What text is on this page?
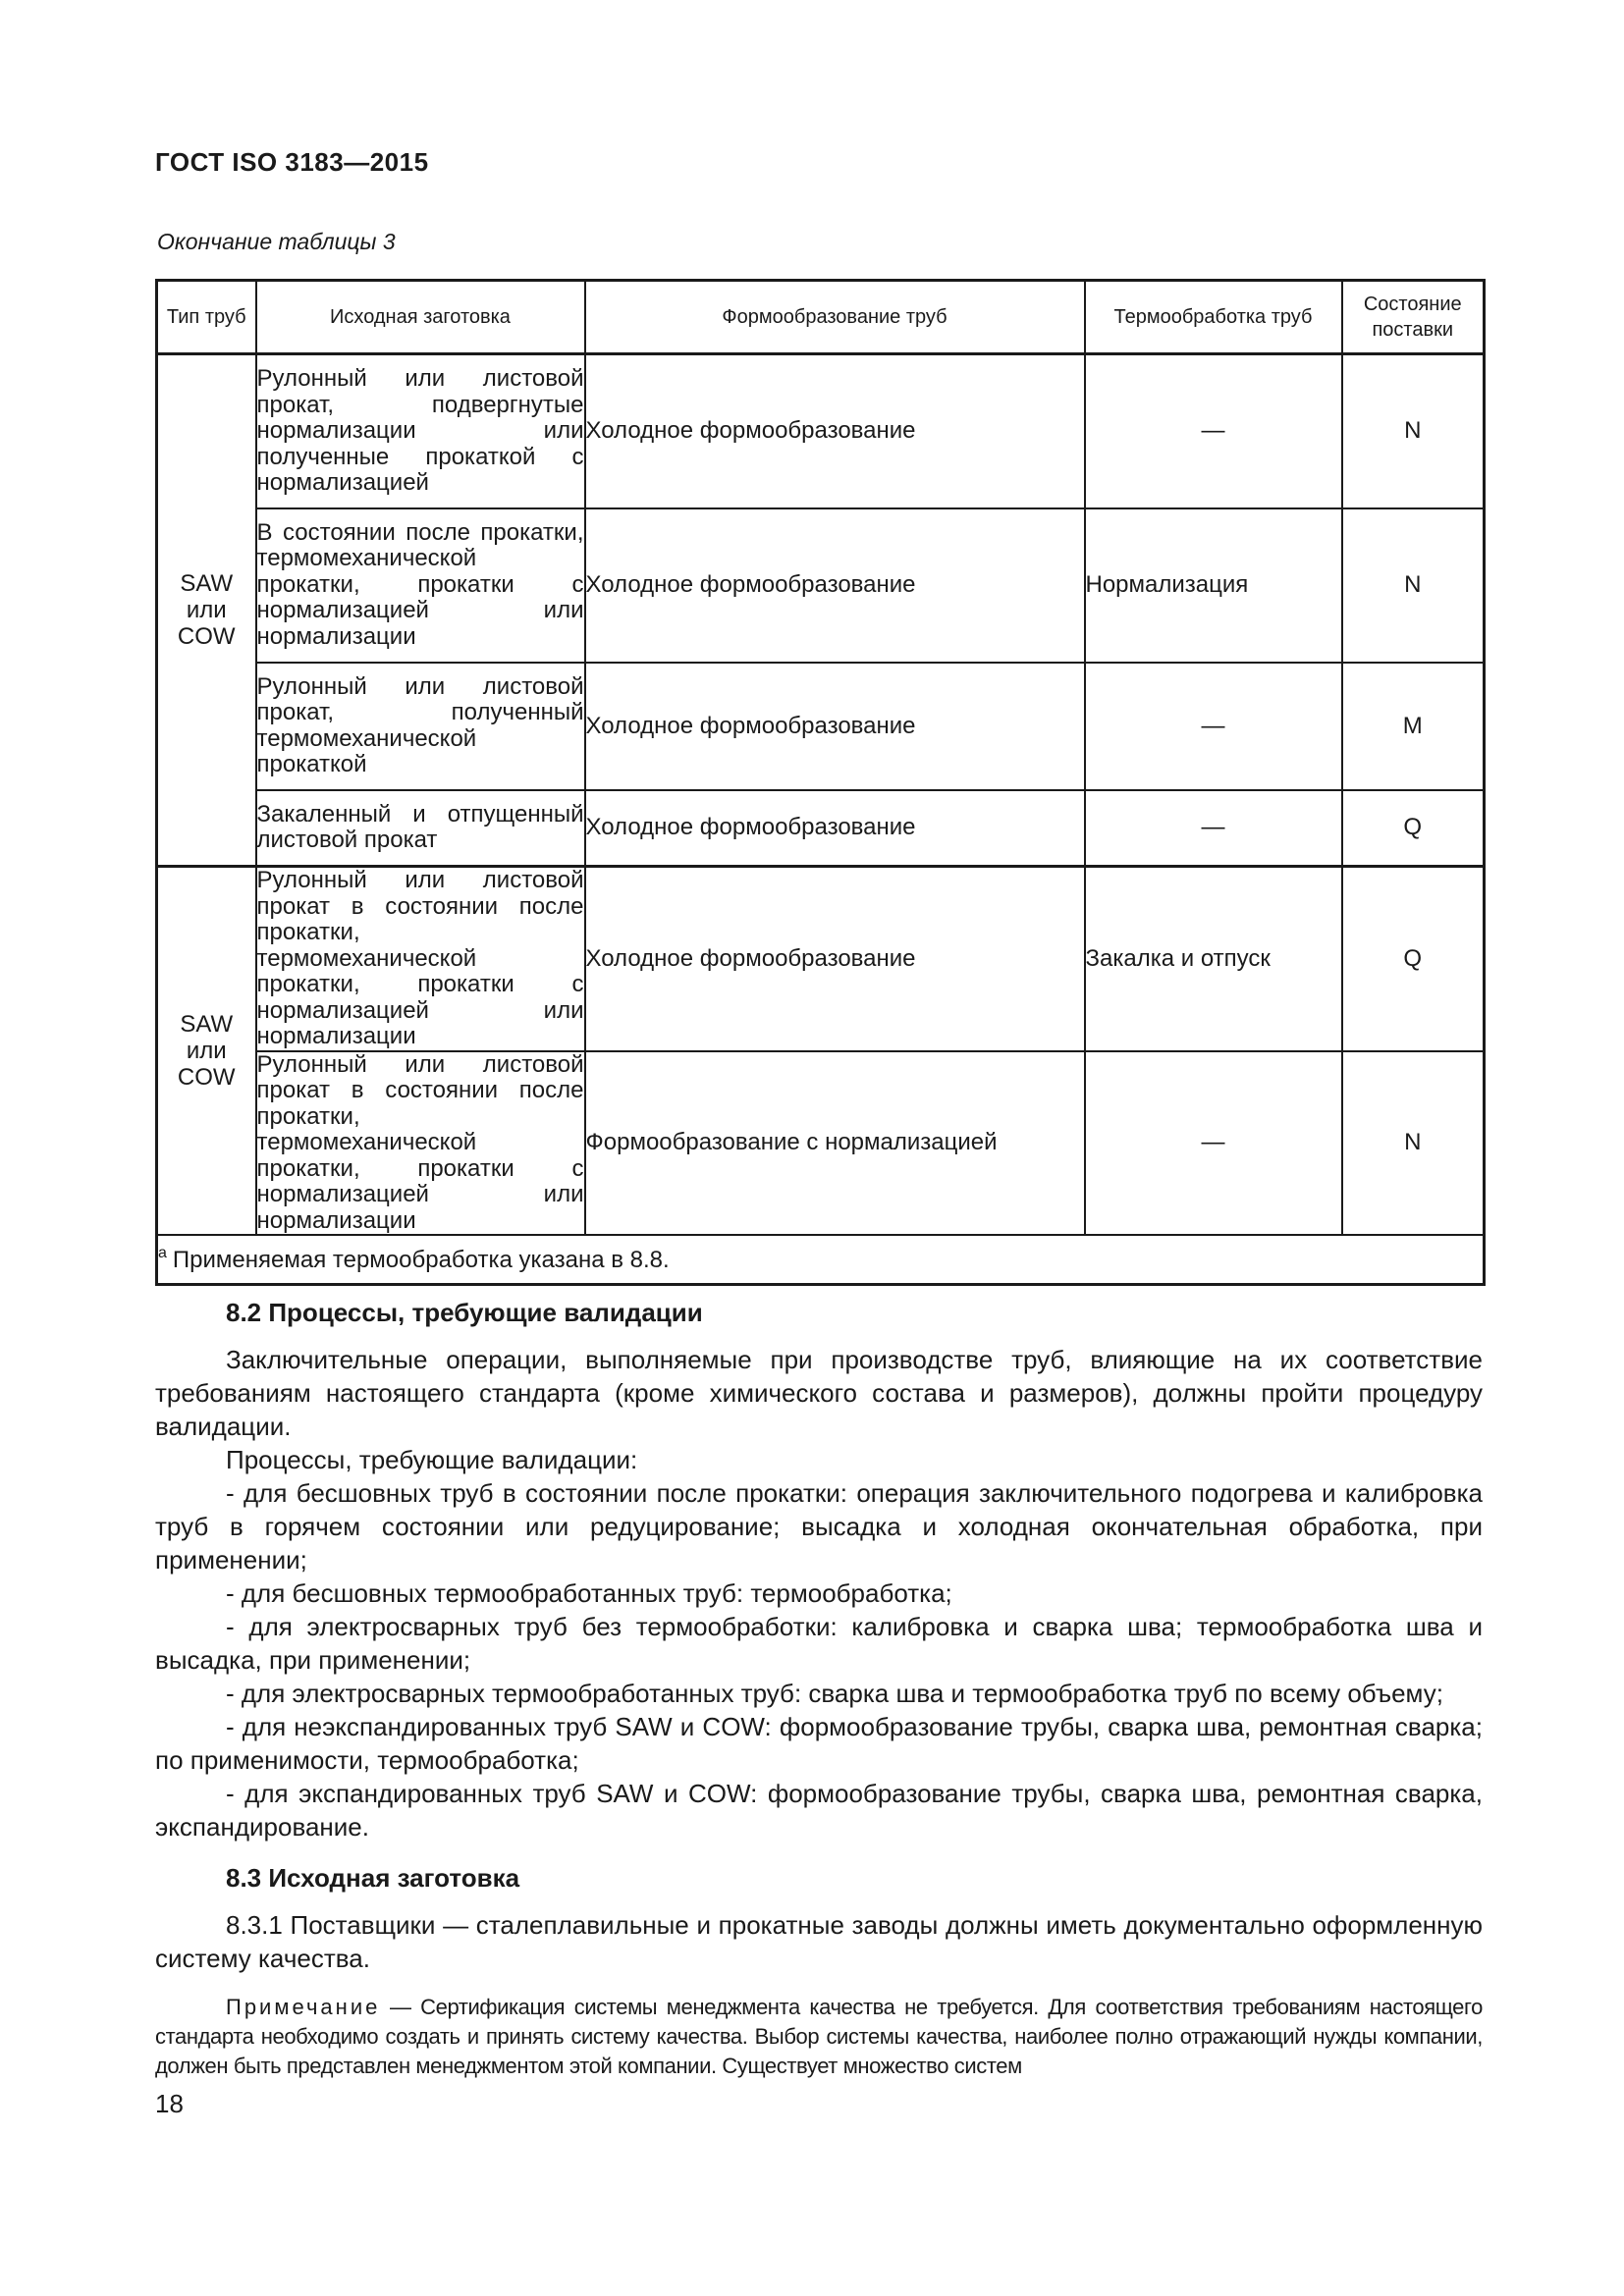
ГОСТ ISO 3183—2015
Окончание таблицы 3
Тип труб	Исходная заготовка	Формообразование труб	Термообработка труб	Состояние поставки
SAW или COW	Рулонный или листовой прокат, подвергнутые нормализации или полученные прокаткой с нормализацией	Холодное формообразование	—	N
	В состоянии после прокатки, термомеханической прокатки, прокатки с нормализацией или нормализации	Холодное формообразование	Нормализация	N
	Рулонный или листовой прокат, полученный термомеханической прокаткой	Холодное формообразование	—	M
	Закаленный и отпущенный листовой прокат	Холодное формообразование	—	Q
SAW или COW	Рулонный или листовой прокат в состоянии после прокатки, термомеханической прокатки, прокатки с нормализацией или нормализации	Холодное формообразование	Закалка и отпуск	Q
	Рулонный или листовой прокат в состоянии после прокатки, термомеханической прокатки, прокатки с нормализацией или нормализации	Формообразование с нормализацией	—	N
$^a$ Применяемая термообработка указана в 8.8.				
8.2 Процессы, требующие валидации
Заключительные операции, выполняемые при производстве труб, влияющие на их соответствие требованиям настоящего стандарта (кроме химического состава и размеров), должны пройти процедуру валидации.
Процессы, требующие валидации:
- для бесшовных труб в состоянии после прокатки: операция заключительного подогрева и калибровка труб в горячем состоянии или редуцирование; высадка и холодная окончательная обработка, при применении;
- для бесшовных термообработанных труб: термообработка;
- для электросварных труб без термообработки: калибровка и сварка шва; термообработка шва и высадка, при применении;
- для электросварных термообработанных труб: сварка шва и термообработка труб по всему объему;
- для неэкспандированных труб SAW и COW: формообразование трубы, сварка шва, ремонтная сварка; по применимости, термообработка;
- для экспандированных труб SAW и COW: формообразование трубы, сварка шва, ремонтная сварка, экспандирование.
8.3 Исходная заготовка
8.3.1 Поставщики — сталеплавильные и прокатные заводы должны иметь документально оформленную систему качества.
Примечание — Сертификация системы менеджмента качества не требуется. Для соответствия требованиям настоящего стандарта необходимо создать и принять систему качества. Выбор системы качества, наиболее полно отражающий нужды компании, должен быть представлен менеджментом этой компании. Существует множество систем
18
